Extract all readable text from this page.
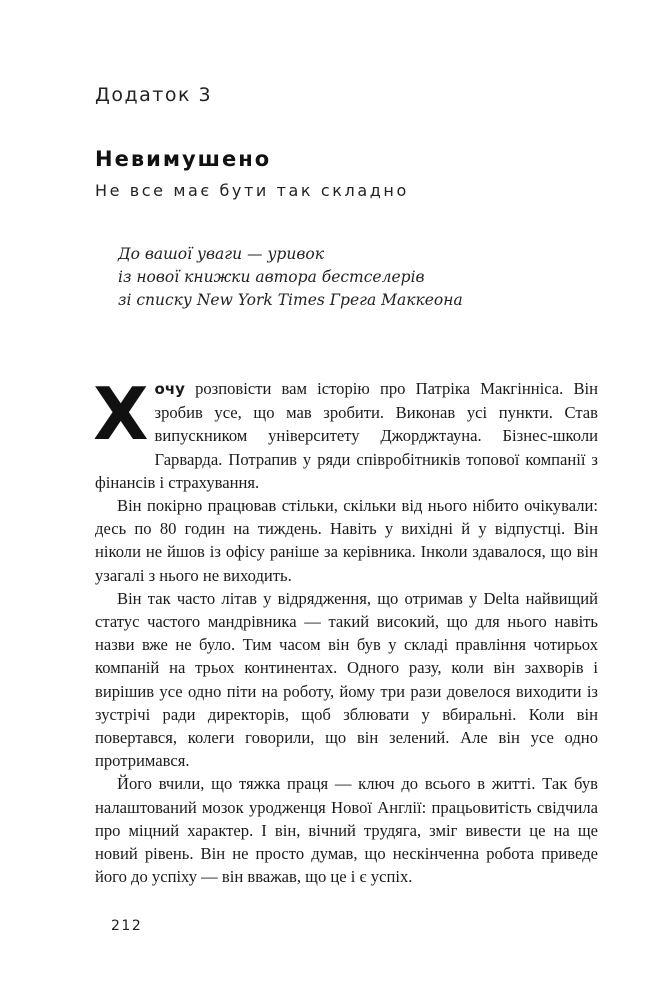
Додаток 3
Невимушено
Не все має бути так складно
До вашої уваги — уривок
із нової книжки автора бестселерів
зі списку New York Times Грега Маккеона

Хочу розповісти вам історію про Патріка Макгінніса. Він зробив усе, що мав зробити. Виконав усі пункти. Став випускником університету Джорджтауна. Бізнес-школи Гарварда. Потрапив у ряди співробітників топової компанії з фінансів і страхування.

Він покірно працював стільки, скільки від нього нібито очікували: десь по 80 годин на тиждень. Навіть у вихідні й у відпустці. Він ніколи не йшов із офісу раніше за керівника. Інколи здавалося, що він узагалі з нього не виходить.

Він так часто літав у відрядження, що отримав у Delta найвищий статус частого мандрівника — такий високий, що для нього навіть назви вже не було. Тим часом він був у складі правління чотирьох компаній на трьох континентах. Одного разу, коли він захворів і вирішив усе одно піти на роботу, йому три рази довелося виходити із зустрічі ради директорів, щоб зблювати у вбиральні. Коли він повертався, колеги говорили, що він зелений. Але він усе одно протримався.

Його вчили, що тяжка праця — ключ до всього в житті. Так був налаштований мозок уродженця Нової Англії: працьовитість свідчила про міцний характер. І він, вічний трудяга, зміг вивести це на ще новий рівень. Він не просто думав, що нескінченна робота приведе його до успіху — він вважав, що це і є успіх.

212
